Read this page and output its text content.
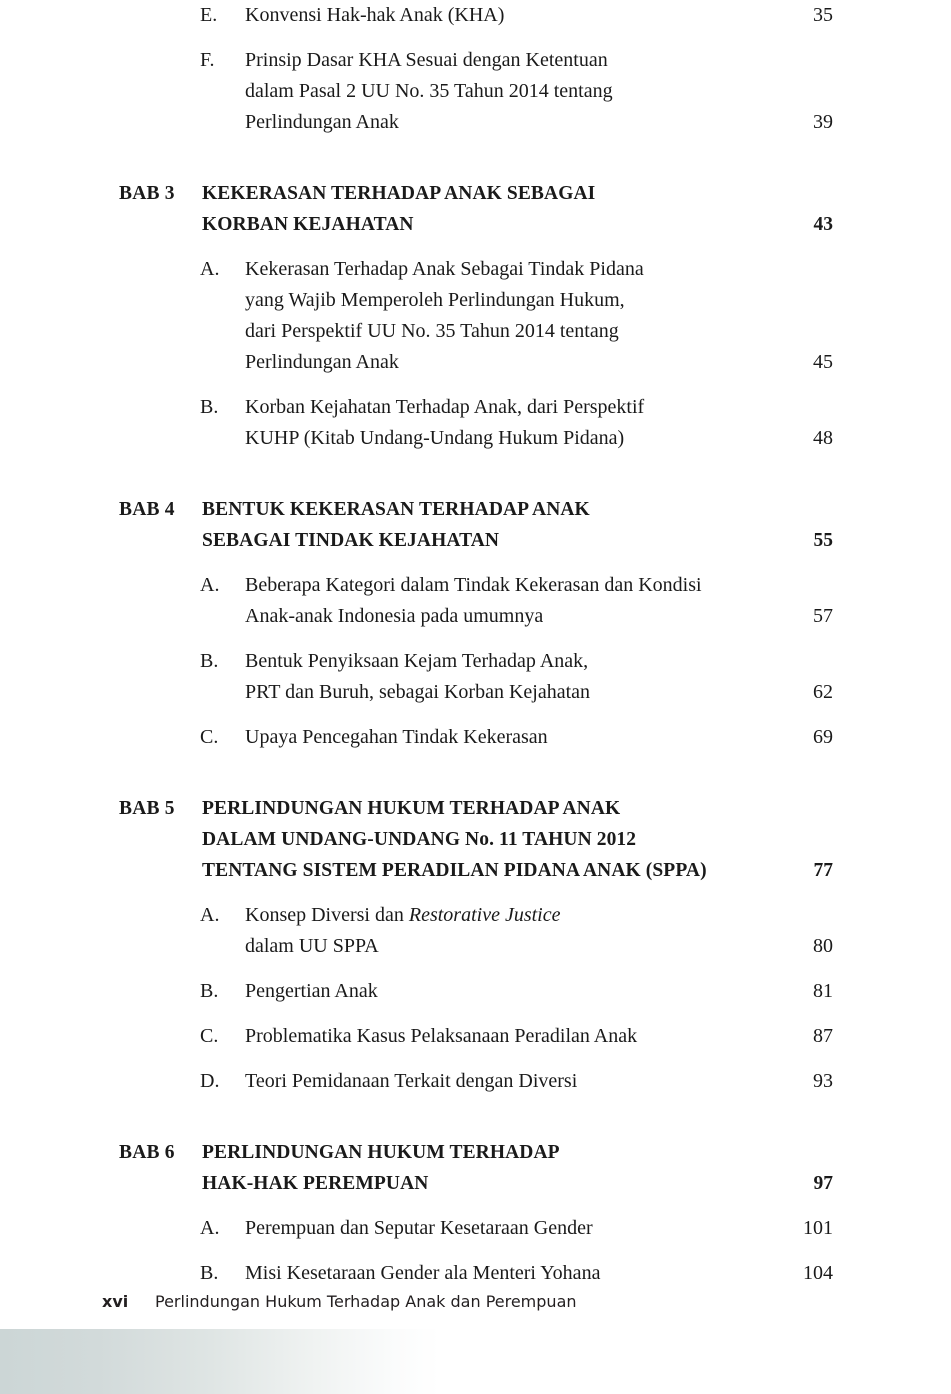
E.	Konvensi Hak-hak Anak (KHA)	35

F.	Prinsip Dasar KHA Sesuai dengan Ketentuan
dalam Pasal 2 UU No. 35 Tahun 2014 tentang
Perlindungan Anak	39

BAB 3	KEKERASAN TERHADAP ANAK SEBAGAI
KORBAN KEJAHATAN	43

A.	Kekerasan Terhadap Anak Sebagai Tindak Pidana
yang Wajib Memperoleh Perlindungan Hukum,
dari Perspektif UU No. 35 Tahun 2014 tentang
Perlindungan Anak	45

B.	Korban Kejahatan Terhadap Anak, dari Perspektif
KUHP (Kitab Undang-Undang Hukum Pidana)	48

BAB 4	BENTUK KEKERASAN TERHADAP ANAK
SEBAGAI TINDAK KEJAHATAN	55

A.	Beberapa Kategori dalam Tindak Kekerasan dan Kondisi
Anak-anak Indonesia pada umumnya	57

B.	Bentuk Penyiksaan Kejam Terhadap Anak,
PRT dan Buruh, sebagai Korban Kejahatan	62

C.	Upaya Pencegahan Tindak Kekerasan	69

BAB 5	PERLINDUNGAN HUKUM TERHADAP ANAK
DALAM UNDANG-UNDANG No. 11 TAHUN 2012
TENTANG SISTEM PERADILAN PIDANA ANAK (SPPA)	77

A.	Konsep Diversi dan Restorative Justice
dalam UU SPPA	80

B.	Pengertian Anak	81

C.	Problematika Kasus Pelaksanaan Peradilan Anak	87

D.	Teori Pemidanaan Terkait dengan Diversi	93

BAB 6	PERLINDUNGAN HUKUM TERHADAP
HAK-HAK PEREMPUAN	97

A.	Perempuan dan Seputar Kesetaraan Gender	101

B.	Misi Kesetaraan Gender ala Menteri Yohana	104
xvi Perlindungan Hukum Terhadap Anak dan Perempuan
